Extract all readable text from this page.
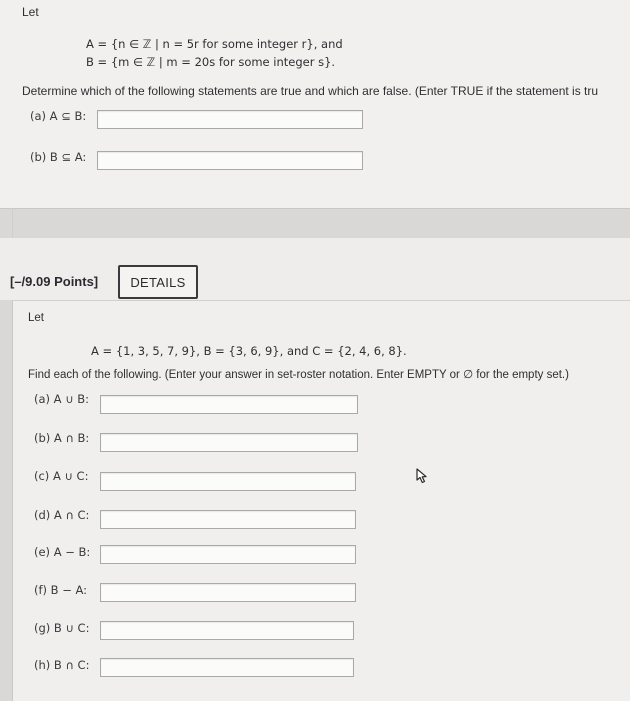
Let
A = {n ∈ ℤ | n = 5r for some integer r}, and
B = {m ∈ ℤ | m = 20s for some integer s}.
Determine which of the following statements are true and which are false. (Enter TRUE if the statement is tru
(a) A ⊆ B:
(b) B ⊆ A:
[–/9.09 Points]	DETAILS
Let
A = {1, 3, 5, 7, 9}, B = {3, 6, 9}, and C = {2, 4, 6, 8}.
Find each of the following. (Enter your answer in set-roster notation. Enter EMPTY or ∅ for the empty set.)
(a) A ∪ B:
(b) A ∩ B:
(c) A ∪ C:
(d) A ∩ C:
(e) A − B:
(f) B − A:
(g) B ∪ C:
(h) B ∩ C:
